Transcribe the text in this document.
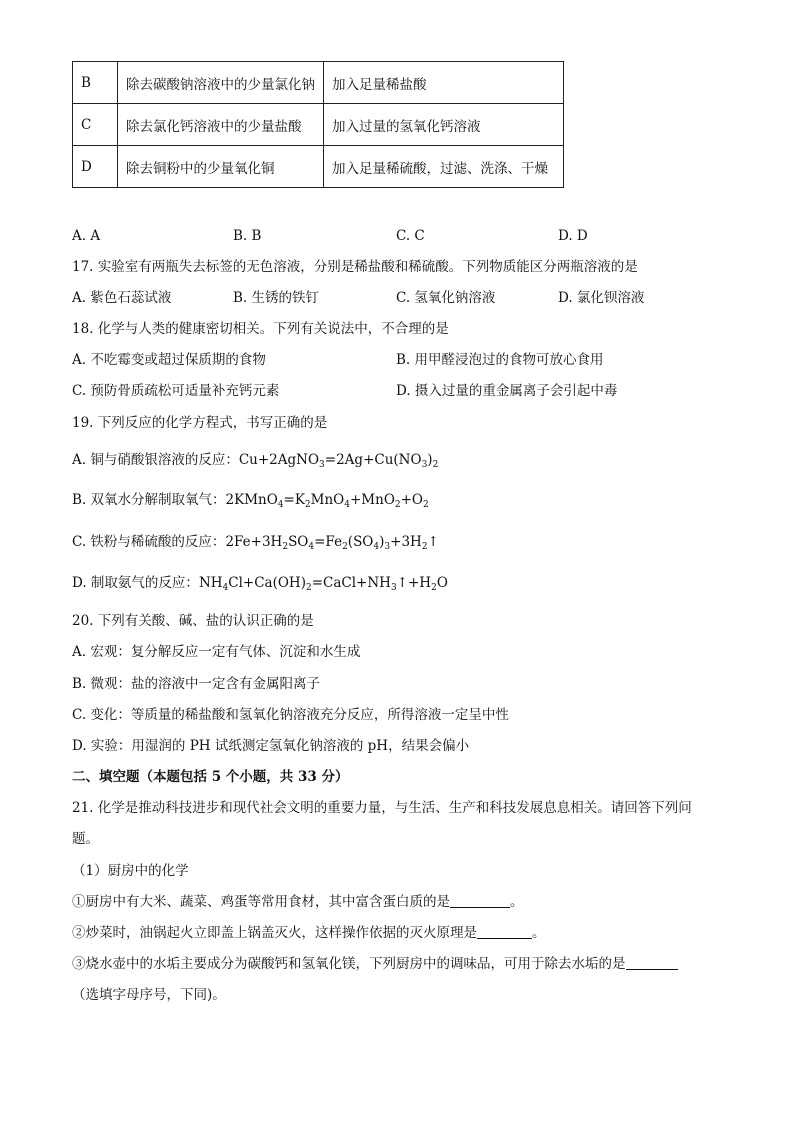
B	除去碳酸钠溶液中的少量氯化钠	加入足量稀盐酸
C	除去氯化钙溶液中的少量盐酸	加入过量的氢氧化钙溶液
D	除去铜粉中的少量氧化铜	加入足量稀硫酸，过滤、洗涤、干燥
A. A	B. B	C. C	D. D
17. 实验室有两瓶失去标签的无色溶液，分别是稀盐酸和稀硫酸。下列物质能区分两瓶溶液的是
A. 紫色石蕊试液	B. 生锈的铁钉	C. 氢氧化钠溶液	D. 氯化钡溶液
18. 化学与人类的健康密切相关。下列有关说法中，不合理的是
A. 不吃霉变或超过保质期的食物	B. 用甲醛浸泡过的食物可放心食用
C. 预防骨质疏松可适量补充钙元素	D. 摄入过量的重金属离子会引起中毒
19. 下列反应的化学方程式，书写正确的是
A. 铜与硝酸银溶液的反应：$Cu+2AgNO_3=2Ag+Cu(NO_3)_2$
B. 双氧水分解制取氧气：$2KMnO_4=K_2MnO_4+MnO_2+O_2$
C. 铁粉与稀硫酸的反应：$2Fe+3H_2SO_4=Fe_2(SO_4)_3+3H_2↑$
D. 制取氨气的反应：$NH_4Cl+Ca(OH)_2=CaCl+NH_3↑+H_2O$
20. 下列有关酸、碱、盐的认识正确的是
A. 宏观：复分解反应一定有气体、沉淀和水生成
B. 微观：盐的溶液中一定含有金属阳离子
C. 变化：等质量的稀盐酸和氢氧化钠溶液充分反应，所得溶液一定呈中性
D. 实验：用湿润的 PH 试纸测定氢氧化钠溶液的 pH，结果会偏小
二、填空题（本题包括 5 个小题，共 33 分）
21. 化学是推动科技进步和现代社会文明的重要力量，与生活、生产和科技发展息息相关。请回答下列问
题。
（1）厨房中的化学
①厨房中有大米、蔬菜、鸡蛋等常用食材，其中富含蛋白质的是	。
②炒菜时，油锅起火立即盖上锅盖灭火，这样操作依据的灭火原理是	。
③烧水壶中的水垢主要成分为碳酸钙和氢氧化镁，下列厨房中的调味品，可用于除去水垢的是
（选填字母序号，下同)。
